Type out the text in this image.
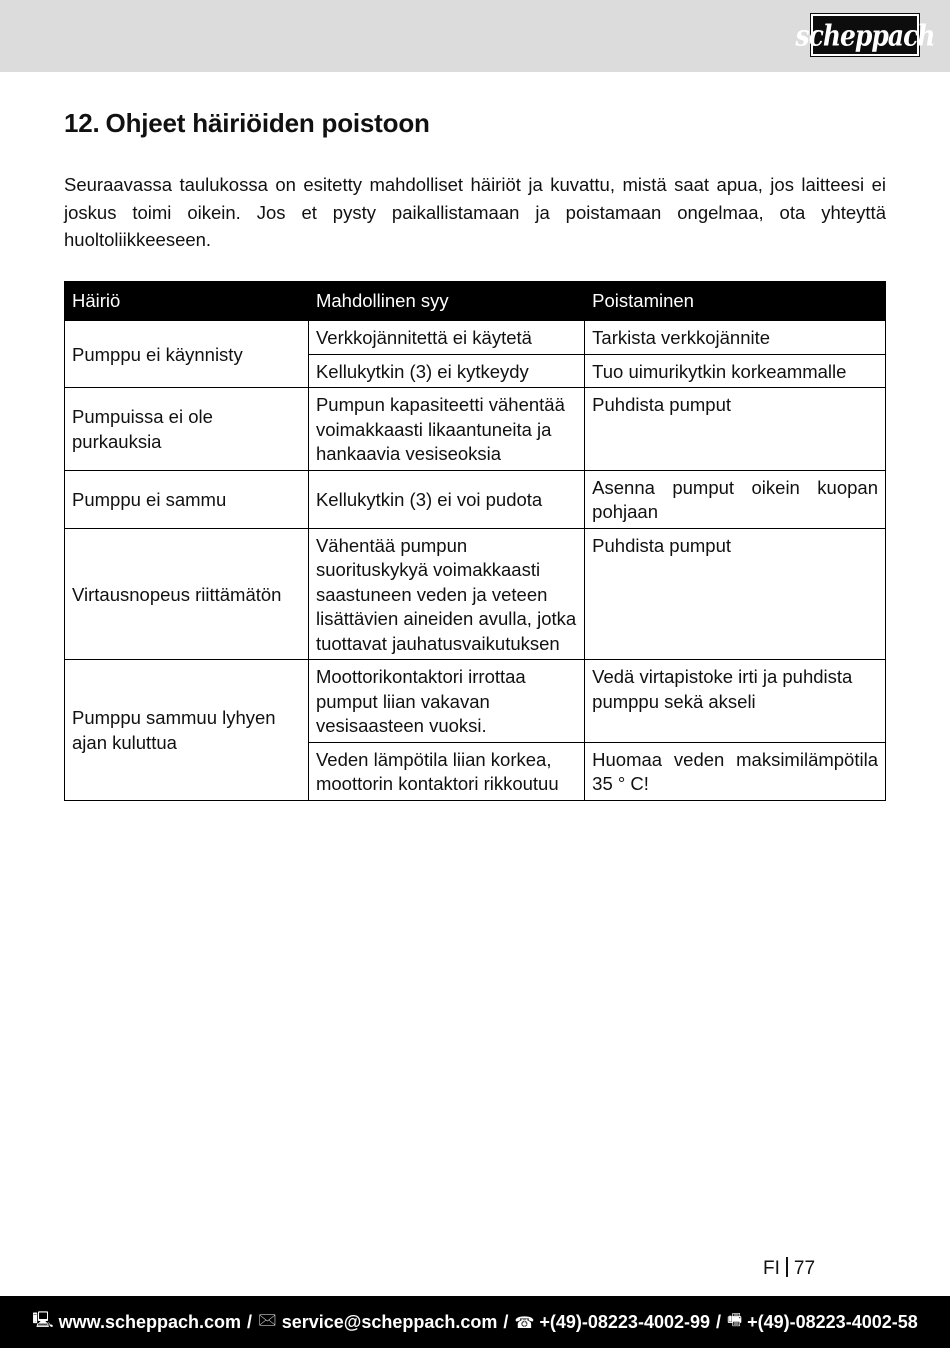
scheppach
12. Ohjeet häiriöiden poistoon

Seuraavassa taulukossa on esitetty mahdolliset häiriöt ja kuvattu, mistä saat apua, jos laitteesi ei joskus toimi oikein. Jos et pysty paikallistamaan ja poistamaan ongelmaa, ota yhteyttä huoltoliikkeeseen.

Häiriö	Mahdollinen syy	Poistaminen
Pumppu ei käynnisty	Verkkojännitettä ei käytetä	Tarkista verkkojännite
	Kellukytkin (3) ei kytkeydy	Tuo uimurikytkin korkeammalle
Pumpuissa ei ole purkauksia	Pumpun kapasiteetti vähentää voimakkaasti likaantuneita ja hankaavia vesiseoksia	Puhdista pumput
Pumppu ei sammu	Kellukytkin (3) ei voi pudota	Asenna pumput oikein kuopan pohjaan
Virtausnopeus riittämätön	Vähentää pumpun suorituskykyä voimakkaasti saastuneen veden ja veteen lisättävien aineiden avulla, jotka tuottavat jauhatusvaikutuksen	Puhdista pumput
Pumppu sammuu lyhyen ajan kuluttua	Moottorikontaktori irrottaa pumput liian vakavan vesisaasteen vuoksi.	Vedä virtapistoke irti ja puhdista pumppu sekä akseli
	Veden lämpötila liian korkea, moottorin kontaktori rikkoutuu	Huomaa veden maksimilämpötila 35 ° C!
FI 77
🖳 www.scheppach.com / 🖂 service@scheppach.com / ☎ +(49)-08223-4002-99 / 🖷 +(49)-08223-4002-58
